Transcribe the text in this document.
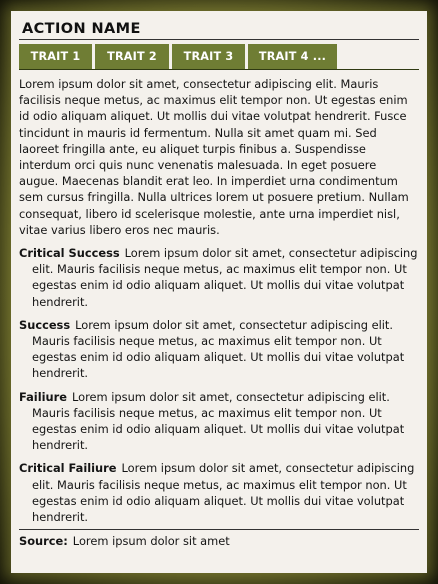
ACTION NAME
TRAIT 1	TRAIT 2	TRAIT 3	TRAIT 4 ...

Lorem ipsum dolor sit amet, consectetur adipiscing elit. Mauris facilisis neque metus, ac maximus elit tempor non. Ut egestas enim id odio aliquam aliquet. Ut mollis dui vitae volutpat hendrerit. Fusce tincidunt in mauris id fermentum. Nulla sit amet quam mi. Sed laoreet fringilla ante, eu aliquet turpis finibus a. Suspendisse interdum orci quis nunc venenatis malesuada. In eget posuere augue. Maecenas blandit erat leo. In imperdiet urna condimentum sem cursus fringilla. Nulla ultrices lorem ut posuere pretium. Nullam consequat, libero id scelerisque molestie, ante urna imperdiet nisl, vitae varius libero eros nec mauris.

Critical Success Lorem ipsum dolor sit amet, consectetur adipiscing elit. Mauris facilisis neque metus, ac maximus elit tempor non. Ut egestas enim id odio aliquam aliquet. Ut mollis dui vitae volutpat hendrerit.

Success Lorem ipsum dolor sit amet, consectetur adipiscing elit. Mauris facilisis neque metus, ac maximus elit tempor non. Ut egestas enim id odio aliquam aliquet. Ut mollis dui vitae volutpat hendrerit.

Failiure Lorem ipsum dolor sit amet, consectetur adipiscing elit. Mauris facilisis neque metus, ac maximus elit tempor non. Ut egestas enim id odio aliquam aliquet. Ut mollis dui vitae volutpat hendrerit.

Critical Failiure Lorem ipsum dolor sit amet, consectetur adipiscing elit. Mauris facilisis neque metus, ac maximus elit tempor non. Ut egestas enim id odio aliquam aliquet. Ut mollis dui vitae volutpat hendrerit.

Source: Lorem ipsum dolor sit amet
